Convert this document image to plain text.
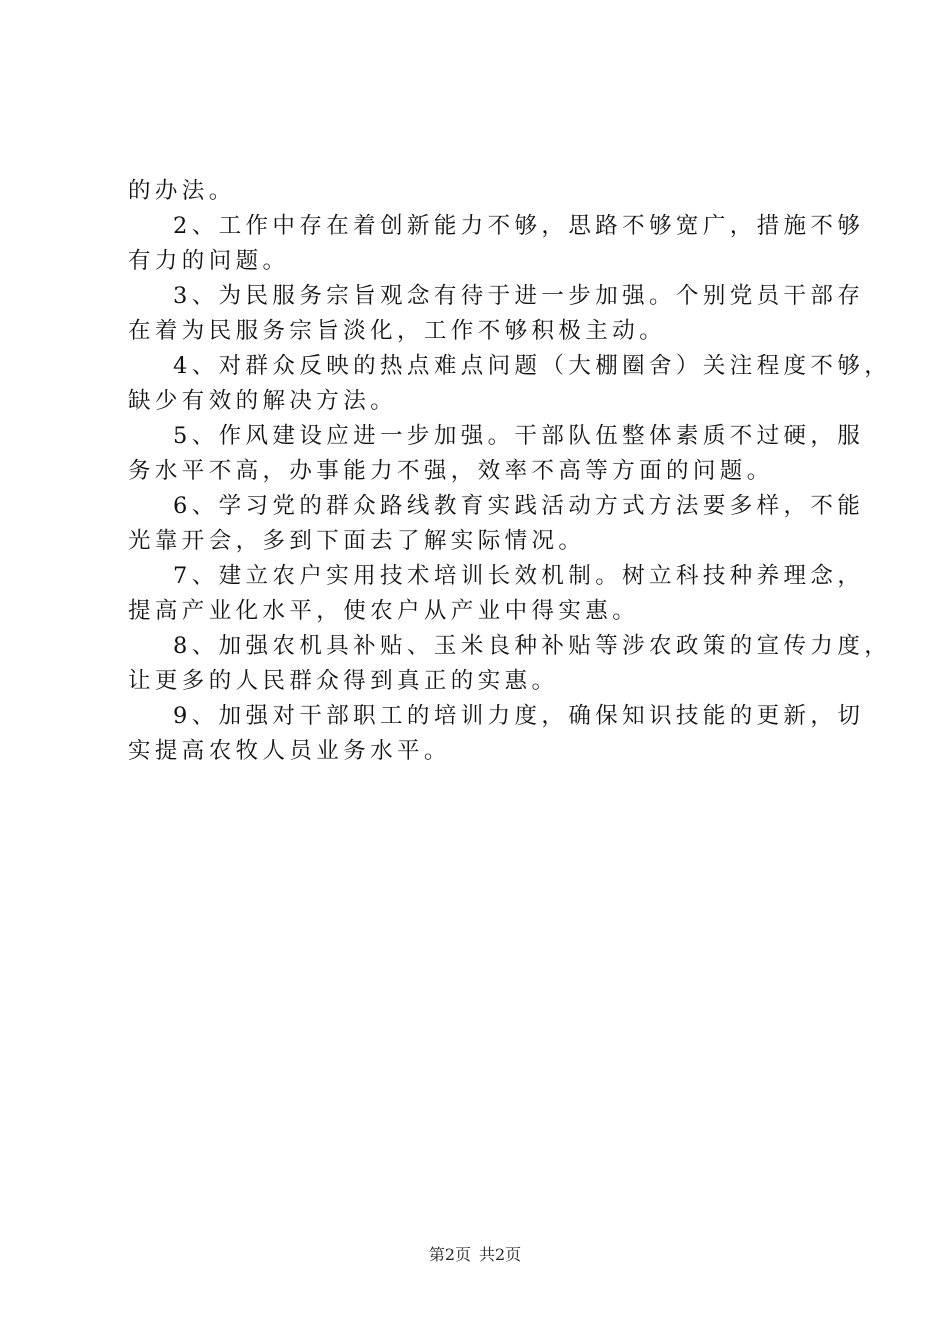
的办法。
2、工作中存在着创新能力不够，思路不够宽广，措施不够
有力的问题。
3、为民服务宗旨观念有待于进一步加强。个别党员干部存
在着为民服务宗旨淡化，工作不够积极主动。
4、对群众反映的热点难点问题（大棚圈舍）关注程度不够，
缺少有效的解决方法。
5、作风建设应进一步加强。干部队伍整体素质不过硬，服
务水平不高，办事能力不强，效率不高等方面的问题。
6、学习党的群众路线教育实践活动方式方法要多样，不能
光靠开会，多到下面去了解实际情况。
7、建立农户实用技术培训长效机制。树立科技种养理念，
提高产业化水平，使农户从产业中得实惠。
8、加强农机具补贴、玉米良种补贴等涉农政策的宣传力度，
让更多的人民群众得到真正的实惠。
9、加强对干部职工的培训力度，确保知识技能的更新，切
实提高农牧人员业务水平。
第2页 共2页
